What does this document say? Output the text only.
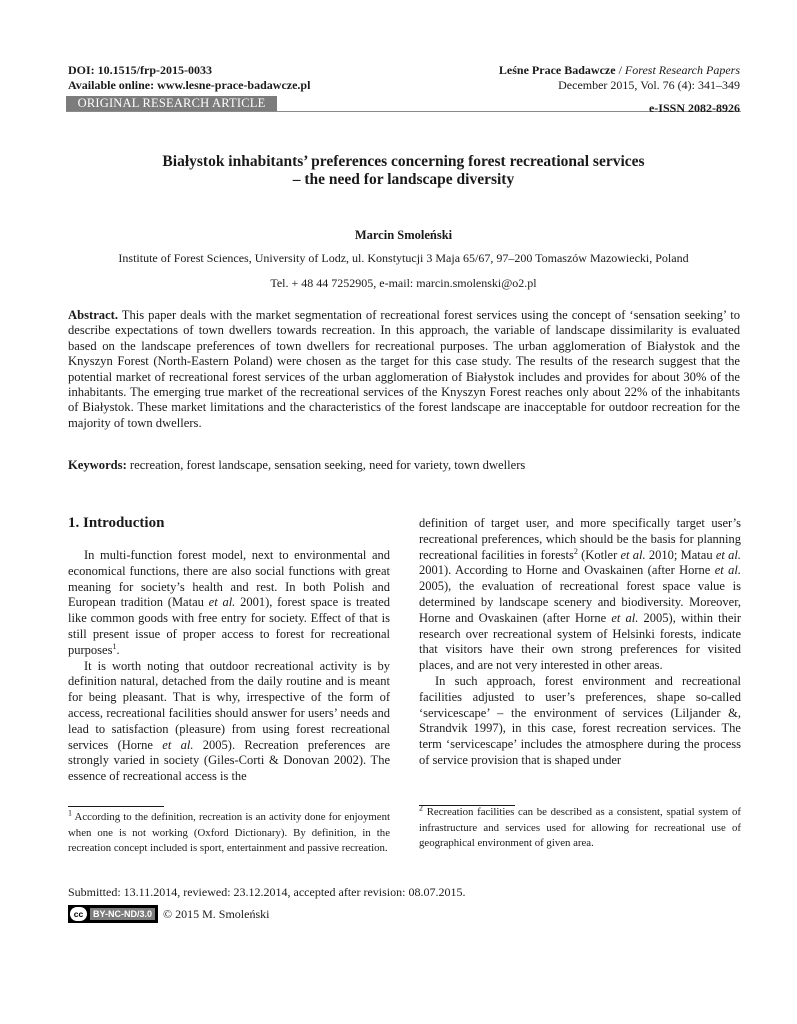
DOI: 10.1515/frp-2015-0033
Available online: www.lesne-prace-badawcze.pl
Leśne Prace Badawcze / Forest Research Papers
December 2015, Vol. 76 (4): 341–349
ORIGINAL RESEARCH ARTICLE	e-ISSN 2082-8926
Białystok inhabitants’ preferences concerning forest recreational services
– the need for landscape diversity
Marcin Smoleński
Institute of Forest Sciences, University of Lodz, ul. Konstytucji 3 Maja 65/67, 97–200 Tomaszów Mazowiecki, Poland
Tel. + 48 44 7252905, e-mail: marcin.smolenski@o2.pl
Abstract. This paper deals with the market segmentation of recreational forest services using the concept of ‘sensation seeking’ to describe expectations of town dwellers towards recreation. In this approach, the variable of landscape dissimilarity is evaluated based on the landscape preferences of town dwellers for recreational purposes. The urban agglomeration of Białystok and the Knyszyn Forest (North-Eastern Poland) were chosen as the target for this case study. The results of the research suggest that the potential market of recreational forest services of the urban agglomeration of Białystok includes and provides for about 30% of the inhabitants. The emerging true market of the recreational services of the Knyszyn Forest reaches only about 22% of the inhabitants of Białystok. These market limitations and the characteristics of the forest landscape are inacceptable for outdoor recreation for the majority of town dwellers.
Keywords: recreation, forest landscape, sensation seeking, need for variety, town dwellers
1. Introduction

In multi-function forest model, next to environmental and economical functions, there are also social functions with great meaning for society’s health and rest. In both Polish and European tradition (Matau et al. 2001), forest space is treated like common goods with free entry for society. Effect of that is still present issue of proper access to forest for recreational purposes$^1$.

It is worth noting that outdoor recreational activity is by definition natural, detached from the daily routine and is meant for being pleasant. That is why, irrespective of the form of access, recreational facilities should answer for users’ needs and lead to satisfaction (pleasure) from using forest recreational services (Horne et al. 2005). Recreation preferences are strongly varied in society (Giles-Corti & Donovan 2002). The essence of recreational access is the

definition of target user, and more specifically target user’s recreational preferences, which should be the basis for planning recreational facilities in forests$^2$ (Kotler et al. 2010; Matau et al. 2001). According to Horne and Ovaskainen (after Horne et al. 2005), the evaluation of recreational forest space value is determined by landscape scenery and biodiversity. Moreover, Horne and Ovaskainen (after Horne et al. 2005), within their research over recreational system of Helsinki forests, indicate that visitors have their own strong preferences for visited places, and are not very interested in other areas.

In such approach, forest environment and recreational facilities adjusted to user’s preferences, shape so-called ‘servicescape’ – the environment of services (Liljander &, Strandvik 1997), in this case, forest recreation services. The term ‘servicescape’ includes the atmosphere during the process of service provision that is shaped under

$^1$ According to the definition, recreation is an activity done for enjoyment when one is not working (Oxford Dictionary). By definition, in the recreation concept included is sport, entertainment and passive recreation.
$^2$ Recreation facilities can be described as a consistent, spatial system of infrastructure and services used for allowing for recreational use of geographical environment of given area.
Submitted: 13.11.2014, reviewed: 23.12.2014, accepted after revision: 08.07.2015.
cc	BY-NC-ND/3.0 © 2015 M. Smoleński
